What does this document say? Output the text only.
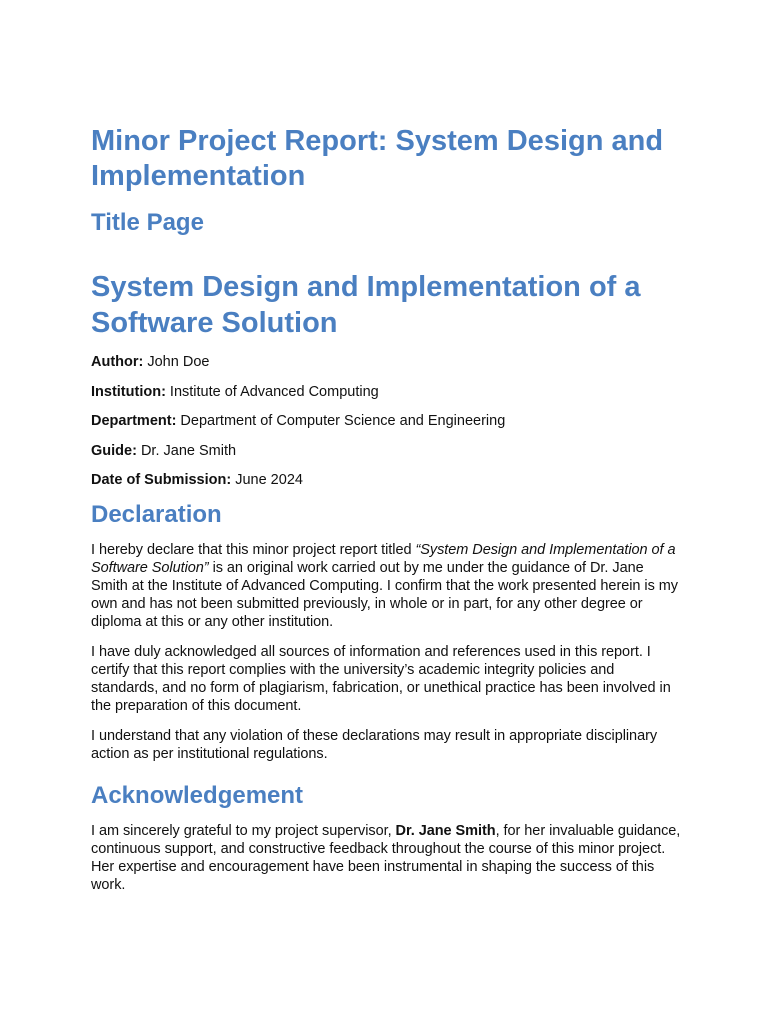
Minor Project Report: System Design and Implementation
Title Page
System Design and Implementation of a Software Solution

Author: John Doe

Institution: Institute of Advanced Computing

Department: Department of Computer Science and Engineering

Guide: Dr. Jane Smith

Date of Submission: June 2024

Declaration

I hereby declare that this minor project report titled “System Design and Implementation of a Software Solution” is an original work carried out by me under the guidance of Dr. Jane Smith at the Institute of Advanced Computing. I confirm that the work presented herein is my own and has not been submitted previously, in whole or in part, for any other degree or diploma at this or any other institution.

I have duly acknowledged all sources of information and references used in this report. I certify that this report complies with the university’s academic integrity policies and standards, and no form of plagiarism, fabrication, or unethical practice has been involved in the preparation of this document.

I understand that any violation of these declarations may result in appropriate disciplinary action as per institutional regulations.

Acknowledgement

I am sincerely grateful to my project supervisor, Dr. Jane Smith, for her invaluable guidance, continuous support, and constructive feedback throughout the course of this minor project. Her expertise and encouragement have been instrumental in shaping the success of this work.
